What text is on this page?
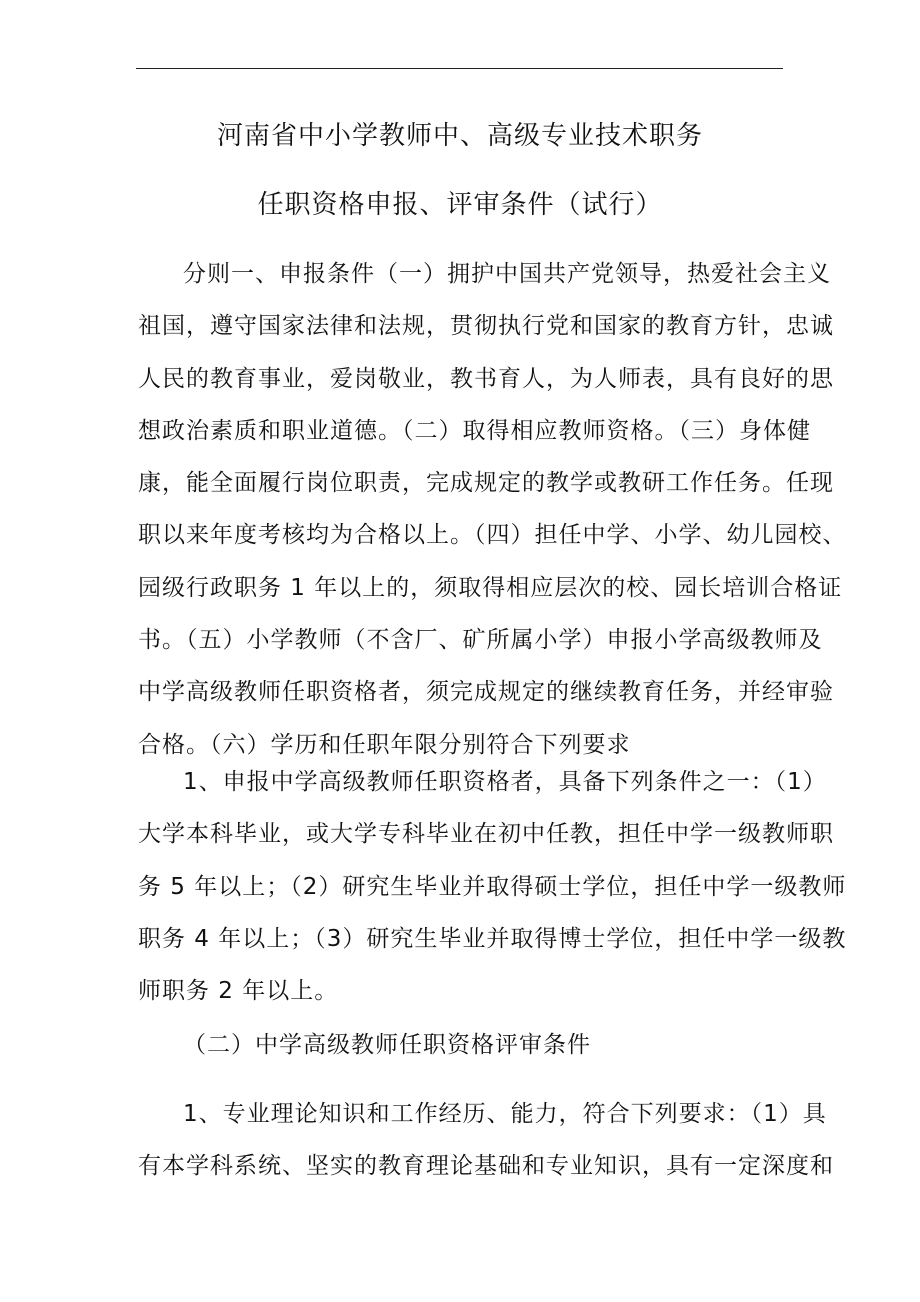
河南省中小学教师中、高级专业技术职务
任职资格申报、评审条件（试行）

分则一、申报条件（一）拥护中国共产党领导，热爱社会主义
祖国，遵守国家法律和法规，贯彻执行党和国家的教育方针，忠诚
人民的教育事业，爱岗敬业，教书育人，为人师表，具有良好的思
想政治素质和职业道德。（二）取得相应教师资格。（三）身体健
康，能全面履行岗位职责，完成规定的教学或教研工作任务。任现
职以来年度考核均为合格以上。（四）担任中学、小学、幼儿园校、
园级行政职务 1 年以上的，须取得相应层次的校、园长培训合格证
书。（五）小学教师（不含厂、矿所属小学）申报小学高级教师及
中学高级教师任职资格者，须完成规定的继续教育任务，并经审验
合格。（六）学历和任职年限分别符合下列要求

1、申报中学高级教师任职资格者，具备下列条件之一：（1）
大学本科毕业，或大学专科毕业在初中任教，担任中学一级教师职
务 5 年以上；（2）研究生毕业并取得硕士学位，担任中学一级教师
职务 4 年以上；（3）研究生毕业并取得博士学位，担任中学一级教
师职务 2 年以上。

（二）中学高级教师任职资格评审条件

1、专业理论知识和工作经历、能力，符合下列要求：（1）具
有本学科系统、坚实的教育理论基础和专业知识，具有一定深度和
